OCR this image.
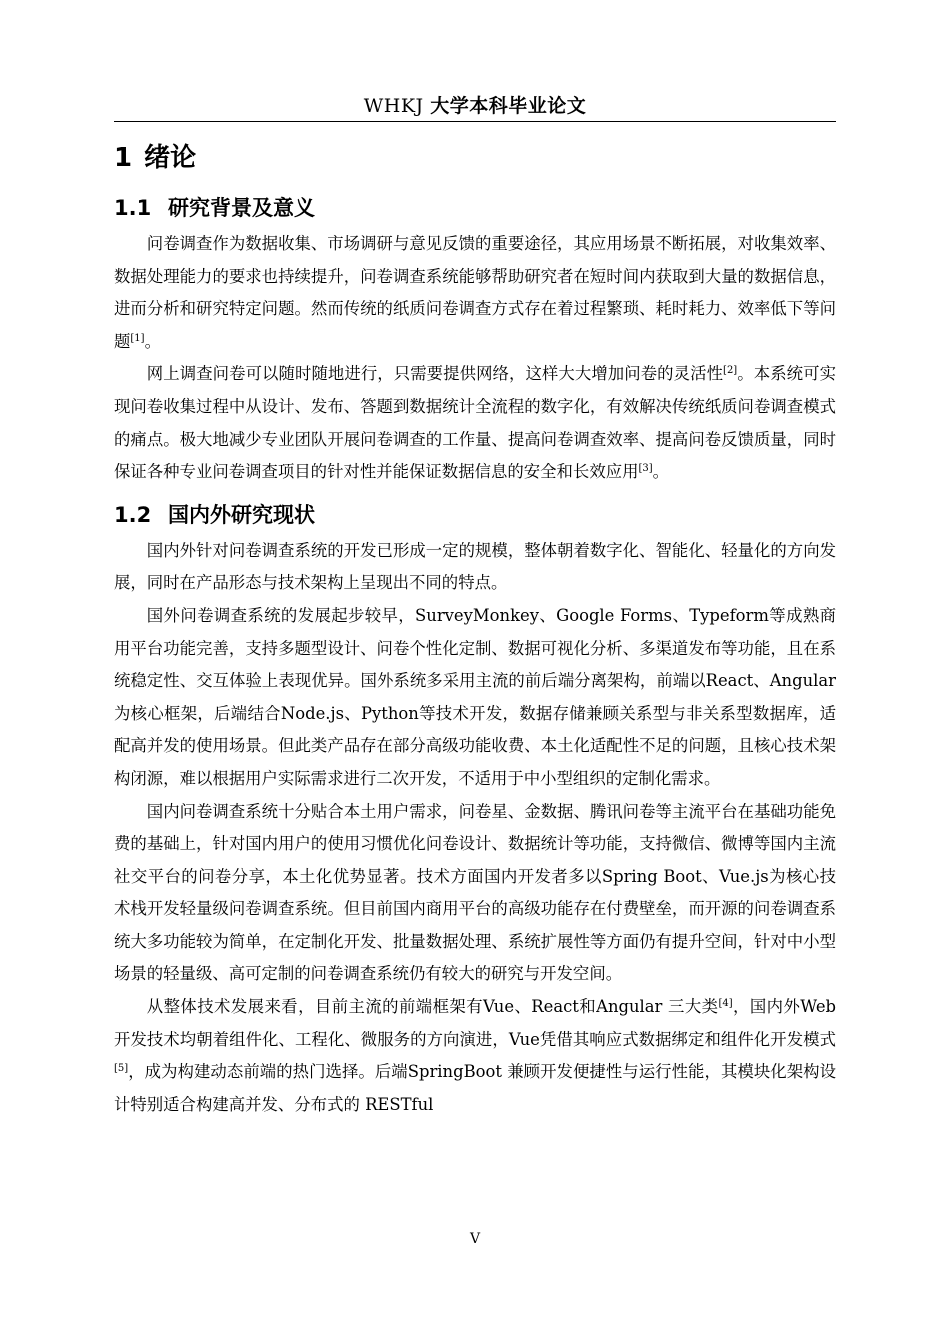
WHKJ 大学本科毕业论文
1 绪论
1.1 研究背景及意义

问卷调查作为数据收集、市场调研与意见反馈的重要途径，其应用场景不断拓展，对收集效率、数据处理能力的要求也持续提升，问卷调查系统能够帮助研究者在短时间内获取到大量的数据信息，进而分析和研究特定问题。然而传统的纸质问卷调查方式存在着过程繁琐、耗时耗力、效率低下等问题[1]。

网上调查问卷可以随时随地进行，只需要提供网络，这样大大增加问卷的灵活性[2]。本系统可实现问卷收集过程中从设计、发布、答题到数据统计全流程的数字化，有效解决传统纸质问卷调查模式的痛点。极大地减少专业团队开展问卷调查的工作量、提高问卷调查效率、提高问卷反馈质量，同时保证各种专业问卷调查项目的针对性并能保证数据信息的安全和长效应用[3]。

1.2 国内外研究现状

国内外针对问卷调查系统的开发已形成一定的规模，整体朝着数字化、智能化、轻量化的方向发展，同时在产品形态与技术架构上呈现出不同的特点。

国外问卷调查系统的发展起步较早，SurveyMonkey、Google Forms、Typeform等成熟商用平台功能完善，支持多题型设计、问卷个性化定制、数据可视化分析、多渠道发布等功能，且在系统稳定性、交互体验上表现优异。国外系统多采用主流的前后端分离架构，前端以React、Angular为核心框架，后端结合Node.js、Python等技术开发，数据存储兼顾关系型与非关系型数据库，适配高并发的使用场景。但此类产品存在部分高级功能收费、本土化适配性不足的问题，且核心技术架构闭源，难以根据用户实际需求进行二次开发，不适用于中小型组织的定制化需求。

国内问卷调查系统十分贴合本土用户需求，问卷星、金数据、腾讯问卷等主流平台在基础功能免费的基础上，针对国内用户的使用习惯优化问卷设计、数据统计等功能，支持微信、微博等国内主流社交平台的问卷分享，本土化优势显著。技术方面国内开发者多以Spring Boot、Vue.js为核心技术栈开发轻量级问卷调查系统。但目前国内商用平台的高级功能存在付费壁垒，而开源的问卷调查系统大多功能较为简单，在定制化开发、批量数据处理、系统扩展性等方面仍有提升空间，针对中小型场景的轻量级、高可定制的问卷调查系统仍有较大的研究与开发空间。

从整体技术发展来看，目前主流的前端框架有Vue、React和Angular 三大类[4]，国内外Web开发技术均朝着组件化、工程化、微服务的方向演进，Vue凭借其响应式数据绑定和组件化开发模式[5]，成为构建动态前端的热门选择。后端SpringBoot 兼顾开发便捷性与运行性能，其模块化架构设计特别适合构建高并发、分布式的 RESTful

V
